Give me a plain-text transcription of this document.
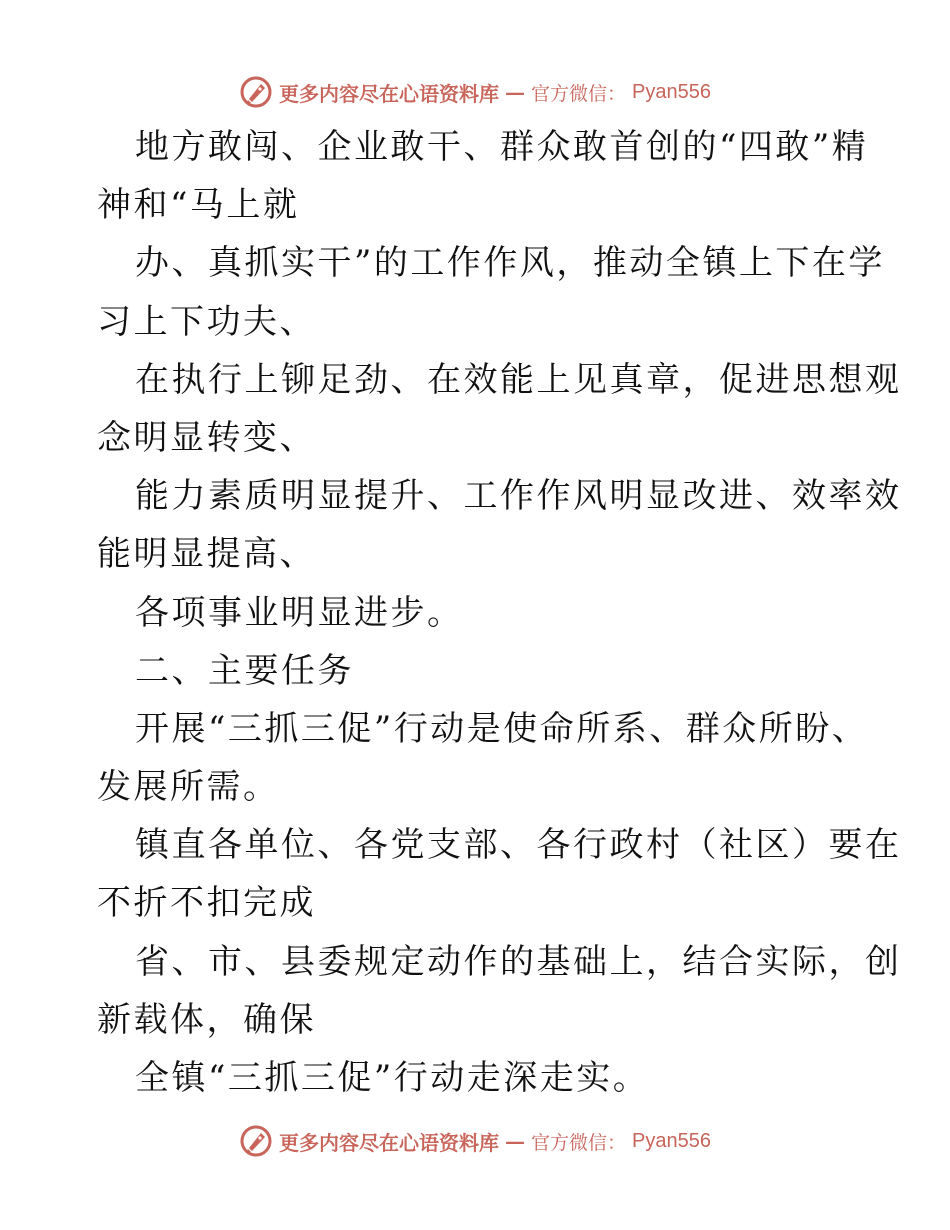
更多内容尽在心语资料库 — 官方微信： Pyan556
地方敢闯、企业敢干、群众敢首创的“四敢”精
神和“马上就
办、真抓实干”的工作作风，推动全镇上下在学
习上下功夫、
在执行上铆足劲、在效能上见真章，促进思想观
念明显转变、
能力素质明显提升、工作作风明显改进、效率效
能明显提高、
各项事业明显进步。
二、主要任务
开展“三抓三促”行动是使命所系、群众所盼、
发展所需。
镇直各单位、各党支部、各行政村（社区）要在
不折不扣完成
省、市、县委规定动作的基础上，结合实际，创
新载体，确保
全镇“三抓三促”行动走深走实。
更多内容尽在心语资料库 — 官方微信： Pyan556
